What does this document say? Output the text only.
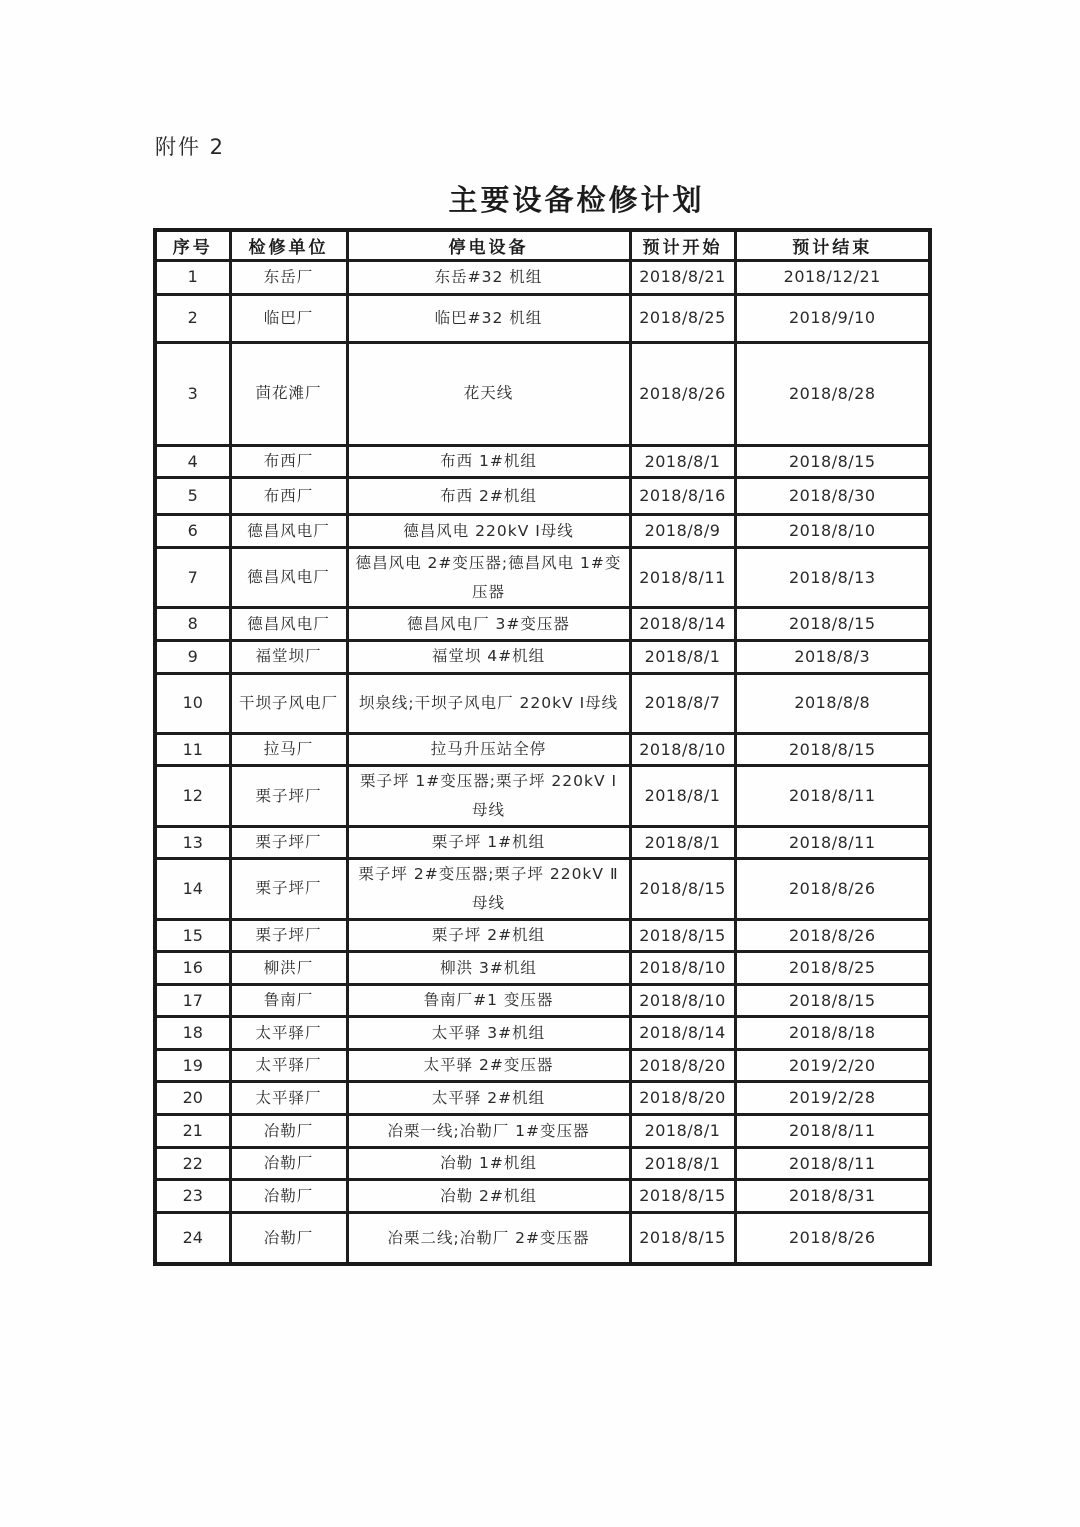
附件 2
主要设备检修计划
序号	检修单位	停电设备	预计开始	预计结束
1	东岳厂	东岳#32 机组	2018/8/21	2018/12/21
2	临巴厂	临巴#32 机组	2018/8/25	2018/9/10
3	茴花滩厂	花天线	2018/8/26	2018/8/28
4	布西厂	布西 1#机组	2018/8/1	2018/8/15
5	布西厂	布西 2#机组	2018/8/16	2018/8/30
6	德昌风电厂	德昌风电 220kV Ⅰ母线	2018/8/9	2018/8/10
7	德昌风电厂	德昌风电 2#变压器;德昌风电 1#变压器	2018/8/11	2018/8/13
8	德昌风电厂	德昌风电厂 3#变压器	2018/8/14	2018/8/15
9	福堂坝厂	福堂坝 4#机组	2018/8/1	2018/8/3
10	干坝子风电厂	坝泉线;干坝子风电厂 220kV Ⅰ母线	2018/8/7	2018/8/8
11	拉马厂	拉马升压站全停	2018/8/10	2018/8/15
12	栗子坪厂	栗子坪 1#变压器;栗子坪 220kV Ⅰ母线	2018/8/1	2018/8/11
13	栗子坪厂	栗子坪 1#机组	2018/8/1	2018/8/11
14	栗子坪厂	栗子坪 2#变压器;栗子坪 220kV Ⅱ母线	2018/8/15	2018/8/26
15	栗子坪厂	栗子坪 2#机组	2018/8/15	2018/8/26
16	柳洪厂	柳洪 3#机组	2018/8/10	2018/8/25
17	鲁南厂	鲁南厂#1 变压器	2018/8/10	2018/8/15
18	太平驿厂	太平驿 3#机组	2018/8/14	2018/8/18
19	太平驿厂	太平驿 2#变压器	2018/8/20	2019/2/20
20	太平驿厂	太平驿 2#机组	2018/8/20	2019/2/28
21	冶勒厂	冶栗一线;冶勒厂 1#变压器	2018/8/1	2018/8/11
22	冶勒厂	冶勒 1#机组	2018/8/1	2018/8/11
23	冶勒厂	冶勒 2#机组	2018/8/15	2018/8/31
24	冶勒厂	冶栗二线;冶勒厂 2#变压器	2018/8/15	2018/8/26
